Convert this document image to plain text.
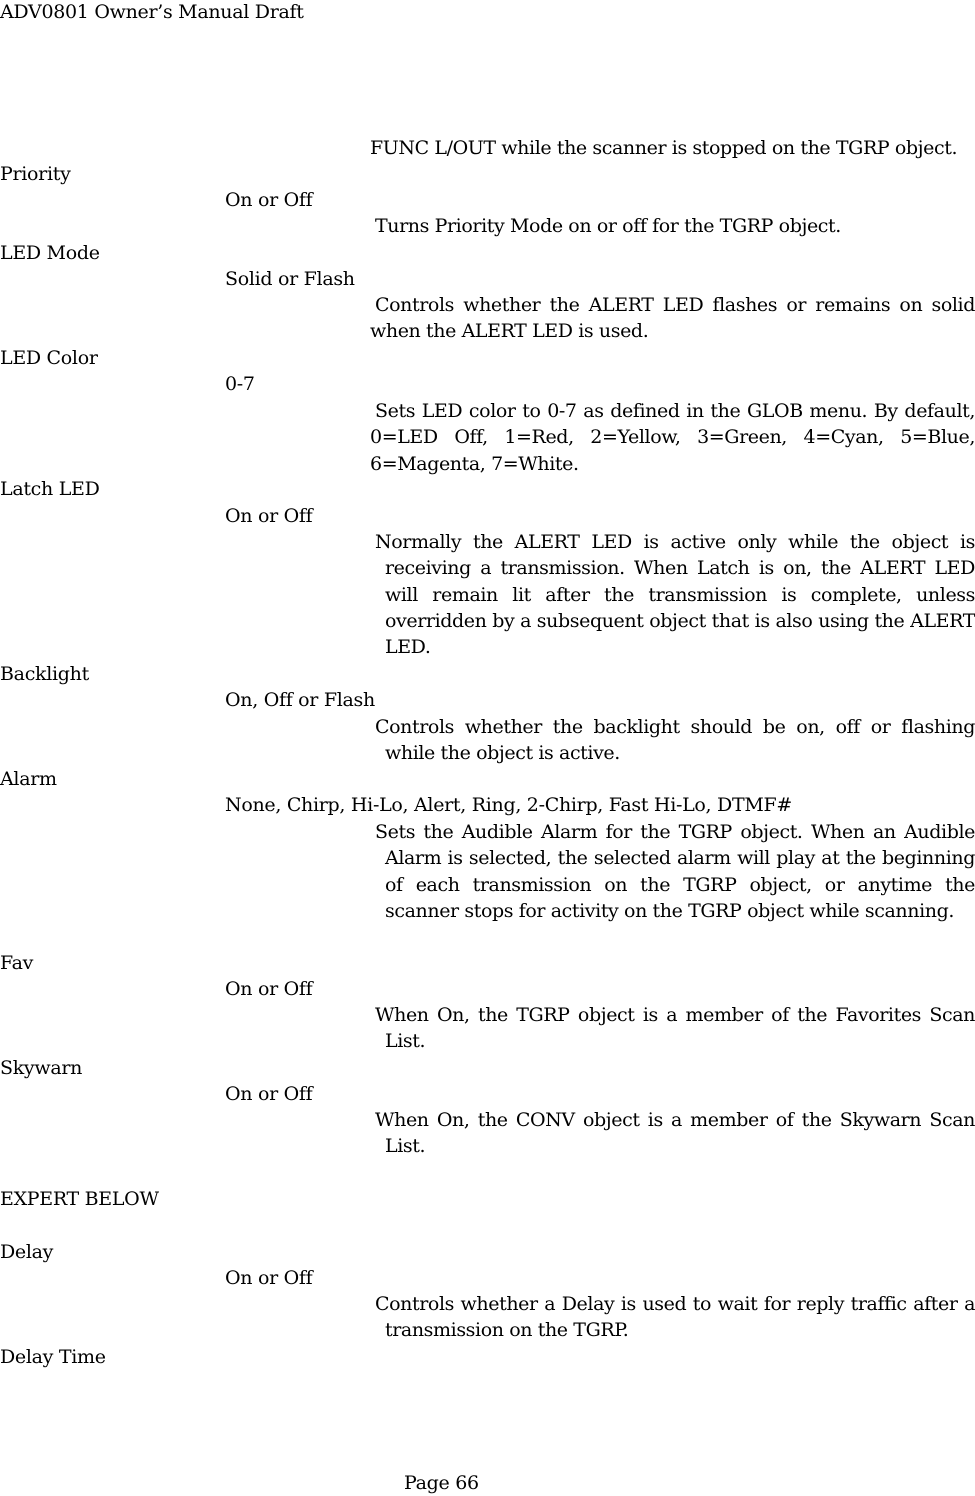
ADV0801 Owner’s Manual Draft
FUNC L/OUT while the scanner is stopped on the TGRP object.
Priority
On or Off
Turns Priority Mode on or off for the TGRP object.
LED Mode
Solid or Flash
Controls whether the ALERT LED flashes or remains on solid when the ALERT LED is used.
LED Color
0-7
Sets LED color to 0-7 as defined in the GLOB menu. By default, 0=LED Off, 1=Red, 2=Yellow, 3=Green, 4=Cyan, 5=Blue, 6=Magenta, 7=White.
Latch LED
On or Off
Normally the ALERT LED is active only while the object is receiving a transmission. When Latch is on, the ALERT LED will remain lit after the transmission is complete, unless overridden by a subsequent object that is also using the ALERT LED.
Backlight
On, Off or Flash
Controls whether the backlight should be on, off or flashing while the object is active.
Alarm
None, Chirp, Hi-Lo, Alert, Ring, 2-Chirp, Fast Hi-Lo, DTMF#
Sets the Audible Alarm for the TGRP object. When an Audible Alarm is selected, the selected alarm will play at the beginning of each transmission on the TGRP object, or anytime the scanner stops for activity on the TGRP object while scanning.
Fav
On or Off
When On, the TGRP object is a member of the Favorites Scan List.
Skywarn
On or Off
When On, the CONV object is a member of the Skywarn Scan List.
EXPERT BELOW
Delay
On or Off
Controls whether a Delay is used to wait for reply traffic after a transmission on the TGRP.
Delay Time
Page 66
